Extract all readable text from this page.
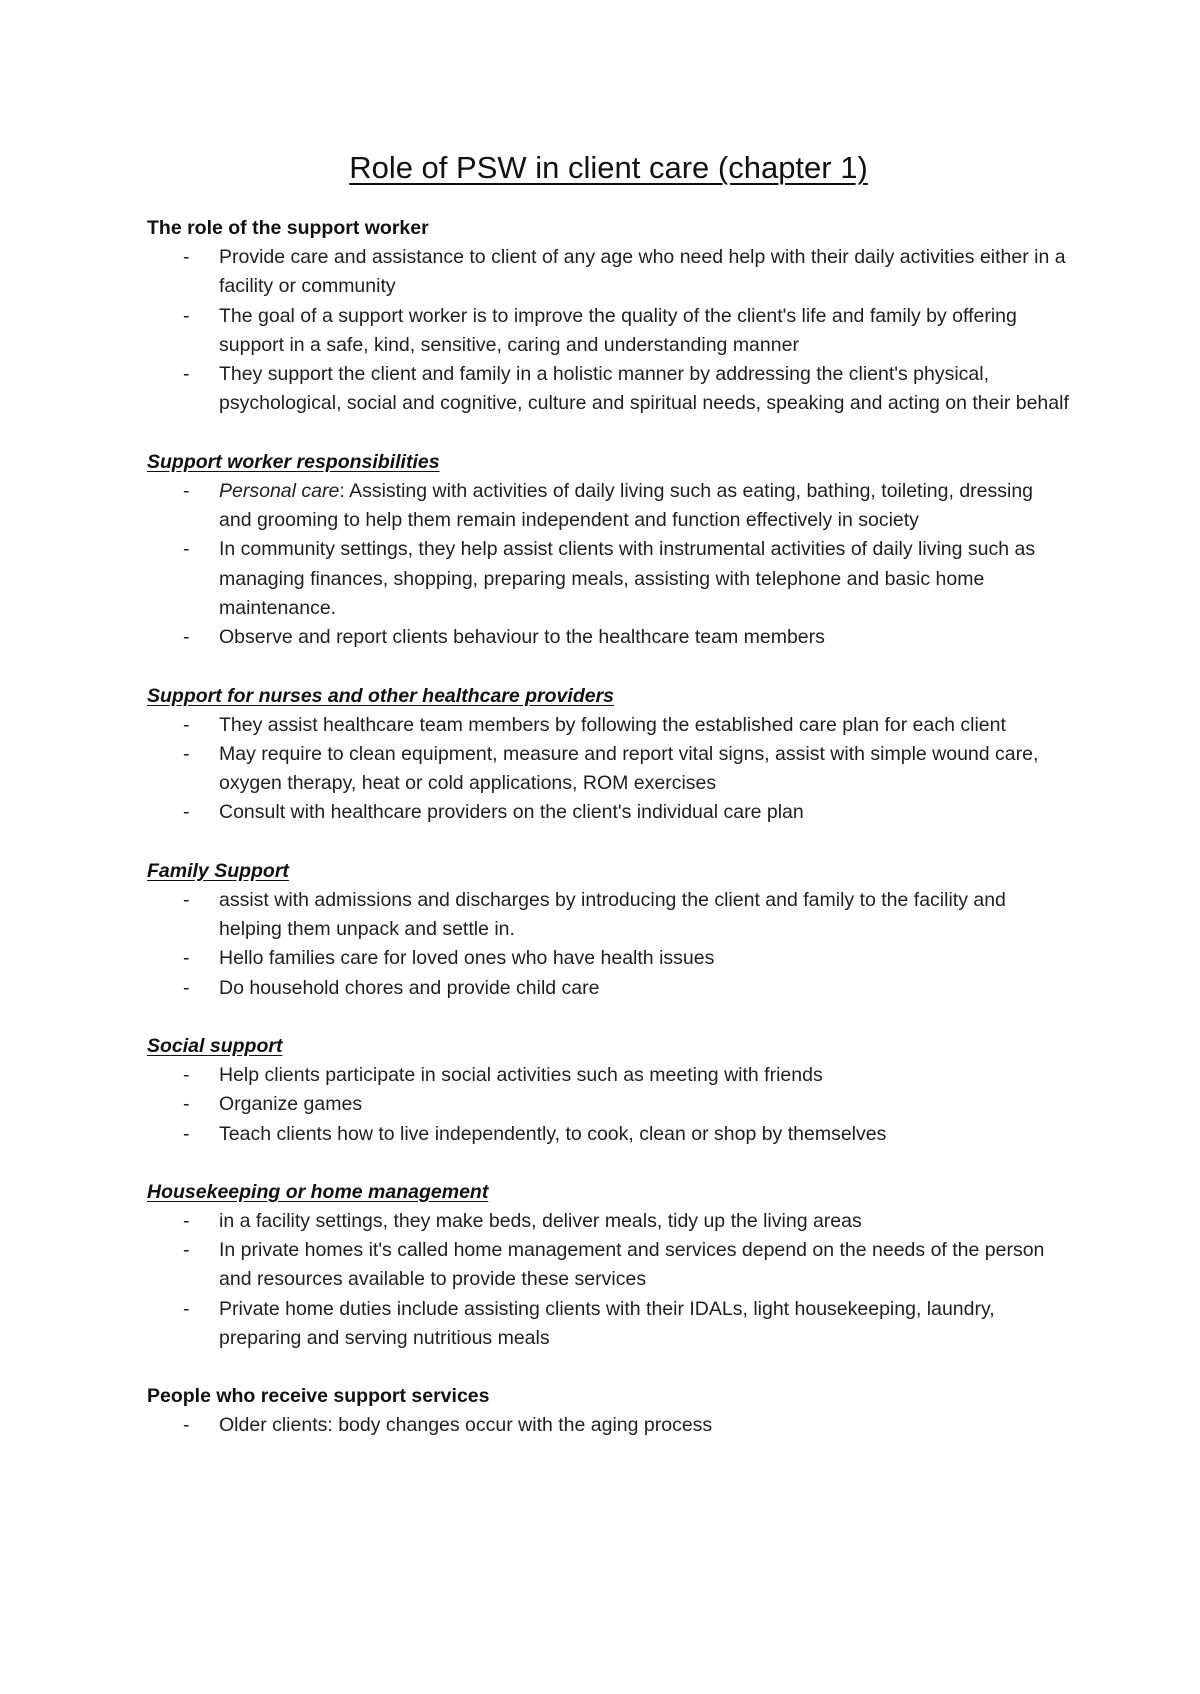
Role of PSW in client care (chapter 1)

The role of the support worker

- Provide care and assistance to client of any age who need help with their daily activities either in a facility or community
- The goal of a support worker is to improve the quality of the client's life and family by offering support in a safe, kind, sensitive, caring and understanding manner
- They support the client and family in a holistic manner by addressing the client's physical, psychological, social and cognitive, culture and spiritual needs, speaking and acting on their behalf

Support worker responsibilities

- Personal care: Assisting with activities of daily living such as eating, bathing, toileting, dressing and grooming to help them remain independent and function effectively in society
- In community settings, they help assist clients with instrumental activities of daily living such as managing finances, shopping, preparing meals, assisting with telephone and basic home maintenance.
- Observe and report clients behaviour to the healthcare team members

Support for nurses and other healthcare providers

- They assist healthcare team members by following the established care plan for each client
- May require to clean equipment, measure and report vital signs, assist with simple wound care, oxygen therapy, heat or cold applications, ROM exercises
- Consult with healthcare providers on the client's individual care plan

Family Support

- assist with admissions and discharges by introducing the client and family to the facility and helping them unpack and settle in.
- Hello families care for loved ones who have health issues
- Do household chores and provide child care

Social support

- Help clients participate in social activities such as meeting with friends
- Organize games
- Teach clients how to live independently, to cook, clean or shop by themselves

Housekeeping or home management

- in a facility settings, they make beds, deliver meals, tidy up the living areas
- In private homes it's called home management and services depend on the needs of the person and resources available to provide these services
- Private home duties include assisting clients with their IDALs, light housekeeping, laundry, preparing and serving nutritious meals

People who receive support services

- Older clients: body changes occur with the aging process
